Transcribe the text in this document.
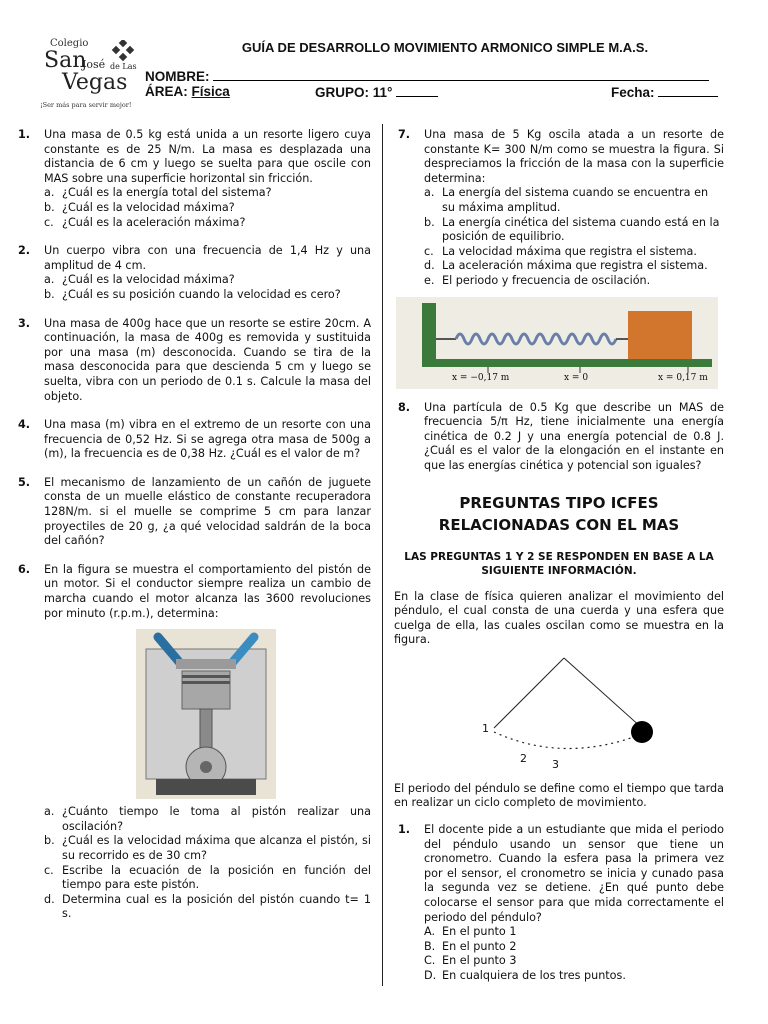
Colegio
San
José de Las
Vegas
¡Ser más para servir mejor!
GUÍA DE DESARROLLO MOVIMIENTO ARMONICO SIMPLE M.A.S.
NOMBRE:
ÁREA: Física	GRUPO: 11°	Fecha:
1. Una masa de 0.5 kg está unida a un resorte ligero cuya constante es de 25 N/m. La masa es desplazada una distancia de 6 cm y luego se suelta para que oscile con MAS sobre una superficie horizontal sin fricción.

a. ¿Cuál es la energía total del sistema?
b. ¿Cuál es la velocidad máxima?
c. ¿Cuál es la aceleración máxima?
2. Un cuerpo vibra con una frecuencia de 1,4 Hz y una amplitud de 4 cm.

a. ¿Cuál es la velocidad máxima?
b. ¿Cuál es su posición cuando la velocidad es cero?
3. Una masa de 400g hace que un resorte se estire 20cm. A continuación, la masa de 400g es removida y sustituida por una masa (m) desconocida. Cuando se tira de la masa desconocida para que descienda 5 cm y luego se suelta, vibra con un periodo de 0.1 s. Calcule la masa del objeto.

4. Una masa (m) vibra en el extremo de un resorte con una frecuencia de 0,52 Hz. Si se agrega otra masa de 500g a (m), la frecuencia es de 0,38 Hz. ¿Cuál es el valor de m?

5. El mecanismo de lanzamiento de un cañón de juguete consta de un muelle elástico de constante recuperadora 128N/m. si el muelle se comprime 5 cm para lanzar proyectiles de 20 g, ¿a qué velocidad saldrán de la boca del cañón?

6. En la figura se muestra el comportamiento del pistón de un motor. Si el conductor siempre realiza un cambio de marcha cuando el motor alcanza las 3600 revoluciones por minuto (r.p.m.), determina:

a. ¿Cuánto tiempo le toma al pistón realizar una oscilación?
b. ¿Cuál es la velocidad máxima que alcanza el pistón, si su recorrido es de 30 cm?
c. Escribe la ecuación de la posición en función del tiempo para este pistón.
d. Determina cual es la posición del pistón cuando t= 1 s.
7. Una masa de 5 Kg oscila atada a un resorte de constante K= 300 N/m como se muestra la figura. Si despreciamos la fricción de la masa con la superficie determina:

a. La energía del sistema cuando se encuentra en su máxima amplitud.
b. La energía cinética del sistema cuando está en la posición de equilibrio.
c. La velocidad máxima que registra el sistema.
d. La aceleración máxima que registra el sistema.
e. El periodo y frecuencia de oscilación.
x = −0,17 m	x = 0	x = 0,17 m
8. Una partícula de 0.5 Kg que describe un MAS de frecuencia 5/π Hz, tiene inicialmente una energía cinética de 0.2 J y una energía potencial de 0.8 J. ¿Cuál es el valor de la elongación en el instante en que las energías cinética y potencial son iguales?

PREGUNTAS TIPO ICFES
RELACIONADAS CON EL MAS
LAS PREGUNTAS 1 Y 2 SE RESPONDEN EN BASE A LA
SIGUIENTE INFORMACIÓN.

En la clase de física quieren analizar el movimiento del péndulo, el cual consta de una cuerda y una esfera que cuelga de ella, las cuales oscilan como se muestra en la figura.

1
2 3

El periodo del péndulo se define como el tiempo que tarda en realizar un ciclo completo de movimiento.

1. El docente pide a un estudiante que mida el periodo del péndulo usando un sensor que tiene un cronometro. Cuando la esfera pasa la primera vez por el sensor, el cronometro se inicia y cunado pasa la segunda vez se detiene. ¿En qué punto debe colocarse el sensor para que mida correctamente el periodo del péndulo?

A. En el punto 1
B. En el punto 2
C. En el punto 3
D. En cualquiera de los tres puntos.
